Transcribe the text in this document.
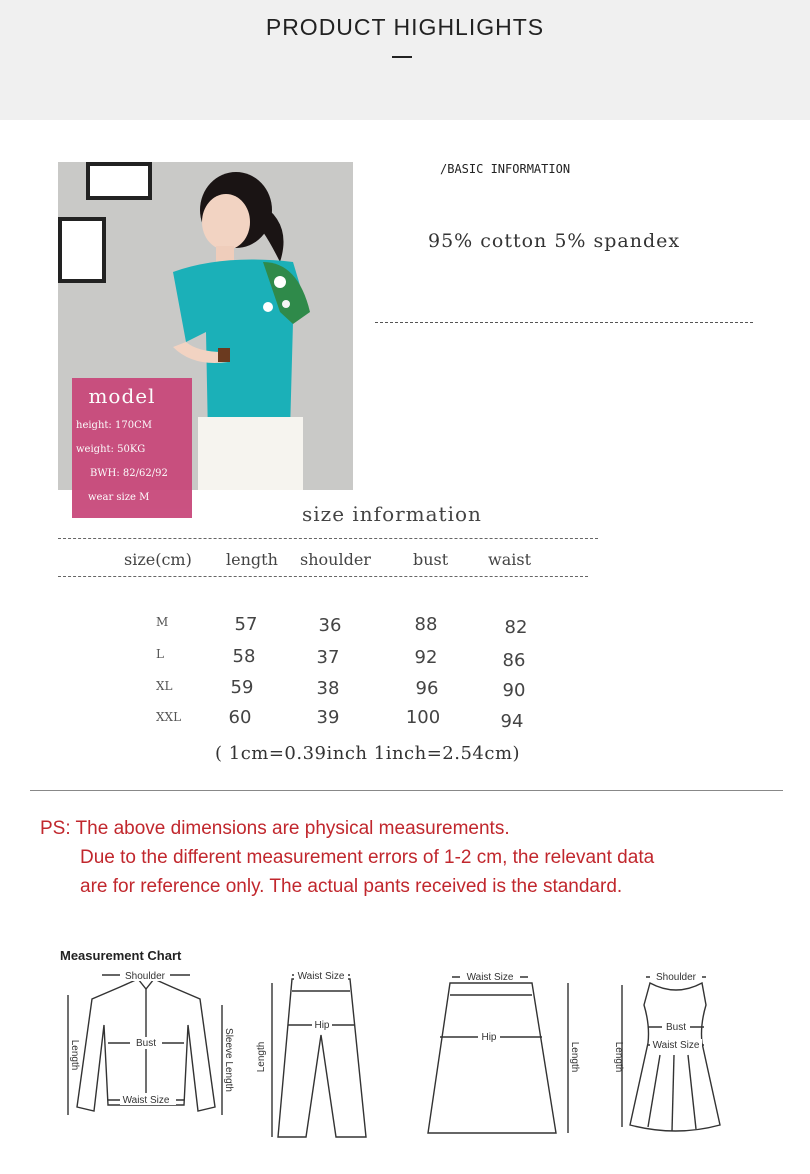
PRODUCT HIGHLIGHTS
model
height: 170CM
weight: 50KG
BWH: 82/62/92
wear size M
/BASIC INFORMATION
95% cotton 5% spandex
size information
size(cm) length shoulder	bust waist
M	57	36	88	82
L	58	37	92	86
XL	59	38	96	90
XXL	60	39	100	94
( 1cm=0.39inch 1inch=2.54cm)
PS: The above dimensions are physical measurements.
Due to the different measurement errors of 1-2 cm, the relevant data
are for reference only. The actual pants received is the standard.
Measurement Chart
Shoulder
Bust
Waist Size
Length	Sleeve Length
Waist Size
Hip
Length
Waist Size
Hip
Length
Shoulder
Bust
Waist Size
Length
